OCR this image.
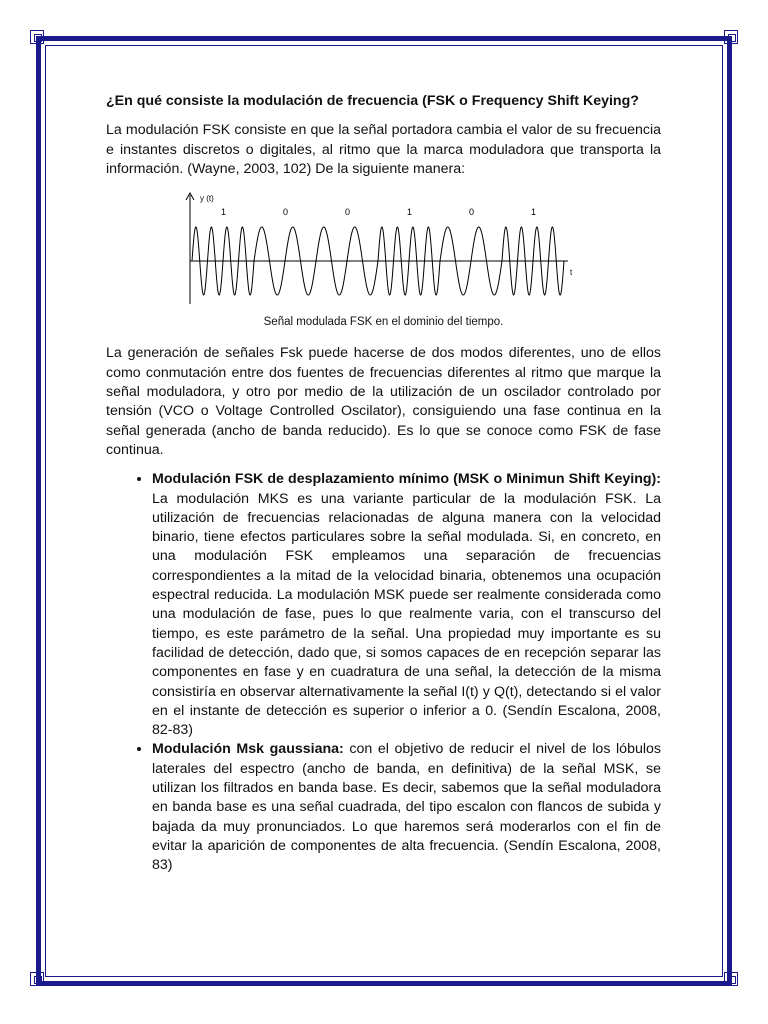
¿En qué consiste la modulación de frecuencia (FSK o Frequency Shift Keying?

La modulación FSK consiste en que la señal portadora cambia el valor de su frecuencia e instantes discretos o digitales, al ritmo que la marca moduladora que transporta la información. (Wayne, 2003, 102) De la siguiente manera:

y (t)
t
1	0	0	1	0	1

Señal modulada FSK en el dominio del tiempo.

La generación de señales Fsk puede hacerse de dos modos diferentes, uno de ellos como conmutación entre dos fuentes de frecuencias diferentes al ritmo que marque la señal moduladora, y otro por medio de la utilización de un oscilador controlado por tensión (VCO o Voltage Controlled Oscilator), consiguiendo una fase continua en la señal generada (ancho de banda reducido). Es lo que se conoce como FSK de fase continua.

• Modulación FSK de desplazamiento mínimo (MSK o Minimun Shift Keying): La modulación MKS es una variante particular de la modulación FSK. La utilización de frecuencias relacionadas de alguna manera con la velocidad binario, tiene efectos particulares sobre la señal modulada. Si, en concreto, en una modulación FSK empleamos una separación de frecuencias correspondientes a la mitad de la velocidad binaria, obtenemos una ocupación espectral reducida. La modulación MSK puede ser realmente considerada como una modulación de fase, pues lo que realmente varia, con el transcurso del tiempo, es este parámetro de la señal. Una propiedad muy importante es su facilidad de detección, dado que, si somos capaces de en recepción separar las componentes en fase y en cuadratura de una señal, la detección de la misma consistiría en observar alternativamente la señal I(t) y Q(t), detectando si el valor en el instante de detección es superior o inferior a 0. (Sendín Escalona, 2008, 82-83)
• Modulación Msk gaussiana: con el objetivo de reducir el nivel de los lóbulos laterales del espectro (ancho de banda, en definitiva) de la señal MSK, se utilizan los filtrados en banda base. Es decir, sabemos que la señal moduladora en banda base es una señal cuadrada, del tipo escalon con flancos de subida y bajada da muy pronunciados. Lo que haremos será moderarlos con el fin de evitar la aparición de componentes de alta frecuencia. (Sendín Escalona, 2008, 83)
